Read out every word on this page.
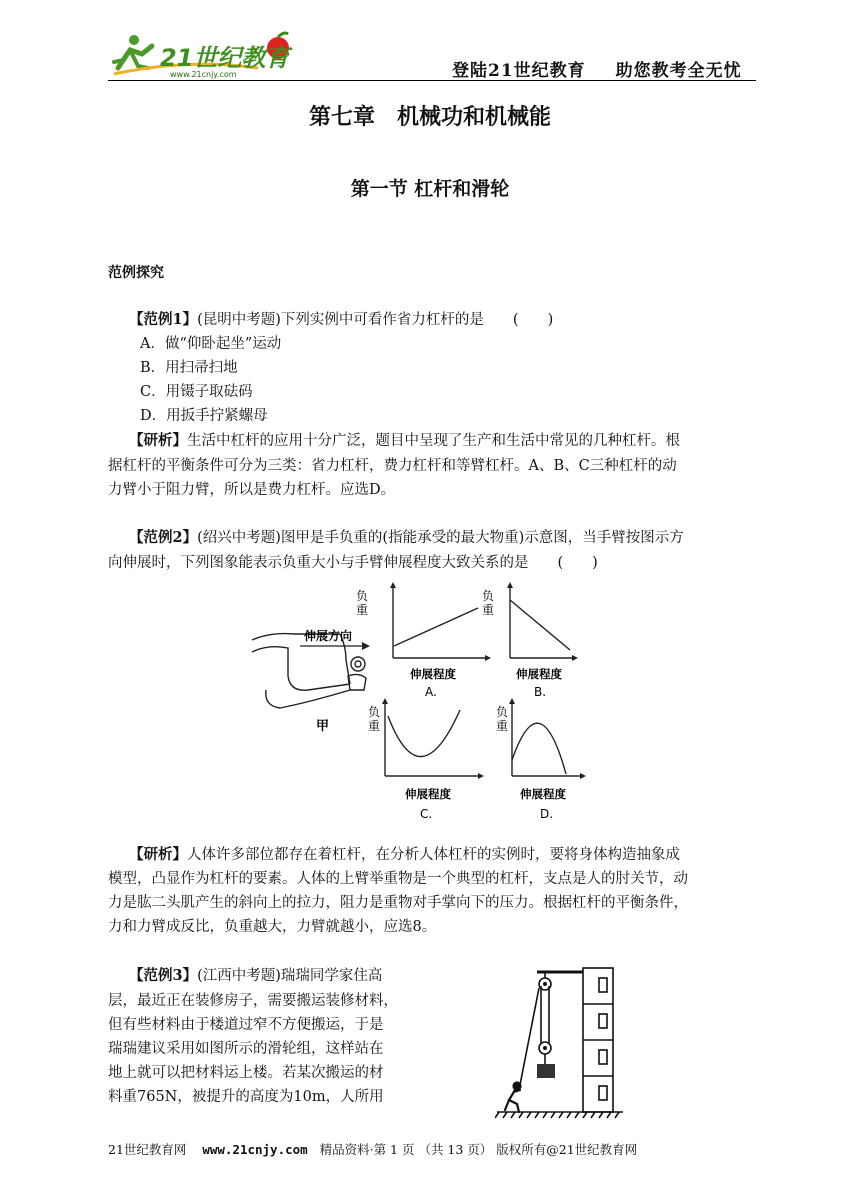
21世纪教育
www.21cnjy.com	登陆21世纪教育 助您教考全无忧
第七章　机械功和机械能
第一节 杠杆和滑轮
范例探究
【范例1】(昆明中考题)下列实例中可看作省力杠杆的是　　(　　)
A．做“仰卧起坐”运动
B．用扫帚扫地
C．用镊子取砝码
D．用扳手拧紧螺母
【研析】生活中杠杆的应用十分广泛，题目中呈现了生产和生活中常见的几种杠杆。根
据杠杆的平衡条件可分为三类：省力杠杆，费力杠杆和等臂杠杆。A、B、C三种杠杆的动
力臂小于阻力臂，所以是费力杠杆。应选D。
【范例2】(绍兴中考题)图甲是手负重的(指能承受的最大物重)示意图，当手臂按图示方
向伸展时，下列图象能表示负重大小与手臂伸展程度大致关系的是　　(　　)
伸展方向
甲
负
重
伸展程度
A.
负
重
伸展程度
B.
负
重
伸展程度
C.
负
重
伸展程度
D.
【研析】人体许多部位都存在着杠杆，在分析人体杠杆的实例时，要将身体构造抽象成
模型，凸显作为杠杆的要素。人体的上臂举重物是一个典型的杠杆，支点是人的肘关节，动
力是肱二头肌产生的斜向上的拉力，阻力是重物对手掌向下的压力。根据杠杆的平衡条件，
力和力臂成反比，负重越大，力臂就越小，应选8。
【范例3】(江西中考题)瑞瑞同学家住高
层，最近正在装修房子，需要搬运装修材料，
但有些材料由于楼道过窄不方便搬运，于是
瑞瑞建议采用如图所示的滑轮组，这样站在
地上就可以把材料运上楼。若某次搬运的材
料重765N，被提升的高度为10m，人所用
21世纪教育网 www.21cnjy.com 精品资料·第 1 页 （共 13 页） 版权所有@21世纪教育网
